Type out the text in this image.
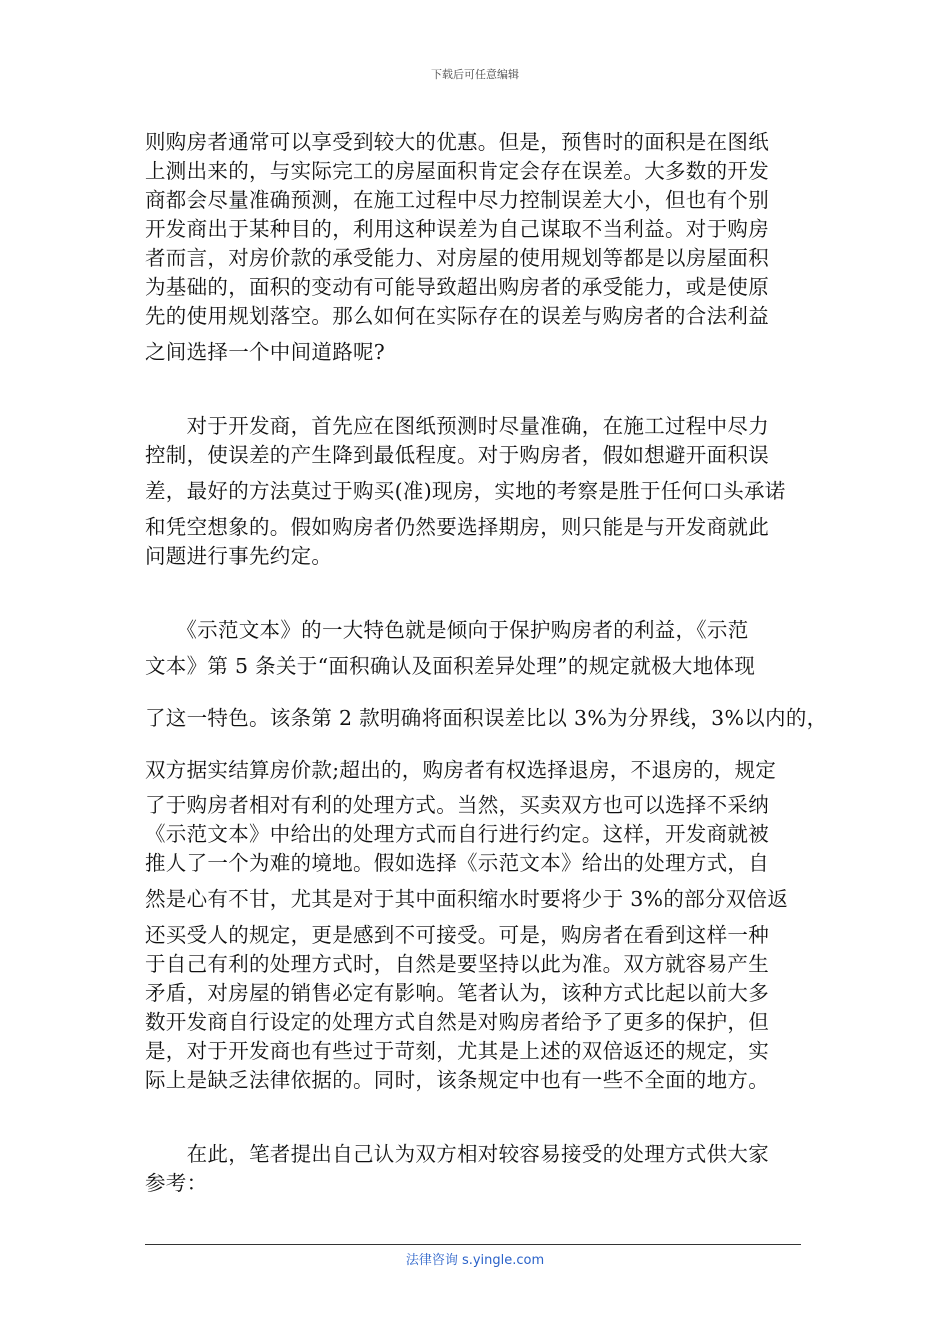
下载后可任意编辑
则购房者通常可以享受到较大的优惠。但是，预售时的面积是在图纸
上测出来的，与实际完工的房屋面积肯定会存在误差。大多数的开发
商都会尽量准确预测，在施工过程中尽力控制误差大小，但也有个别
开发商出于某种目的，利用这种误差为自己谋取不当利益。对于购房
者而言，对房价款的承受能力、对房屋的使用规划等都是以房屋面积
为基础的，面积的变动有可能导致超出购房者的承受能力，或是使原
先的使用规划落空。那么如何在实际存在的误差与购房者的合法利益
之间选择一个中间道路呢?
　　对于开发商，首先应在图纸预测时尽量准确，在施工过程中尽力
控制，使误差的产生降到最低程度。对于购房者，假如想避开面积误
差，最好的方法莫过于购买(准)现房，实地的考察是胜于任何口头承诺
和凭空想象的。假如购房者仍然要选择期房，则只能是与开发商就此
问题进行事先约定。
　　《示范文本》的一大特色就是倾向于保护购房者的利益，《示范
文本》第 5 条关于“面积确认及面积差异处理”的规定就极大地体现
了这一特色。该条第 2 款明确将面积误差比以 3%为分界线，3%以内的，
双方据实结算房价款;超出的，购房者有权选择退房，不退房的，规定
了于购房者相对有利的处理方式。当然，买卖双方也可以选择不采纳
《示范文本》中给出的处理方式而自行进行约定。这样，开发商就被
推人了一个为难的境地。假如选择《示范文本》给出的处理方式，自
然是心有不甘，尤其是对于其中面积缩水时要将少于 3%的部分双倍返
还买受人的规定，更是感到不可接受。可是，购房者在看到这样一种
于自己有利的处理方式时，自然是要坚持以此为准。双方就容易产生
矛盾，对房屋的销售必定有影响。笔者认为，该种方式比起以前大多
数开发商自行设定的处理方式自然是对购房者给予了更多的保护，但
是，对于开发商也有些过于苛刻，尤其是上述的双倍返还的规定，实
际上是缺乏法律依据的。同时，该条规定中也有一些不全面的地方。
　　在此，笔者提出自己认为双方相对较容易接受的处理方式供大家
参考：
法律咨询 s.yingle.com
